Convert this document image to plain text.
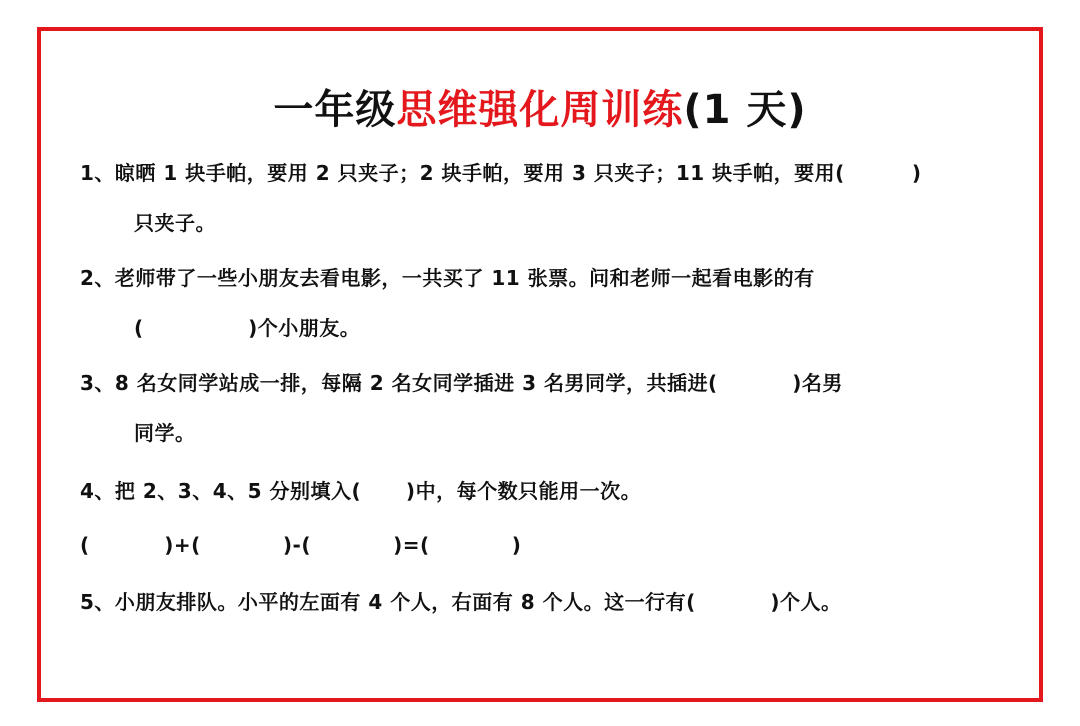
一年级思维强化周训练(1 天)
1、晾晒 1 块手帕，要用 2 只夹子；2 块手帕，要用 3 只夹子；11 块手帕，要用(         )
只夹子。
2、老师带了一些小朋友去看电影，一共买了 11 张票。问和老师一起看电影的有
(              )个小朋友。
3、8 名女同学站成一排，每隔 2 名女同学插进 3 名男同学，共插进(          )名男
同学。
4、把 2、3、4、5 分别填入(      )中，每个数只能用一次。
(          )+(           )-(           )=(           )
5、小朋友排队。小平的左面有 4 个人，右面有 8 个人。这一行有(          )个人。
